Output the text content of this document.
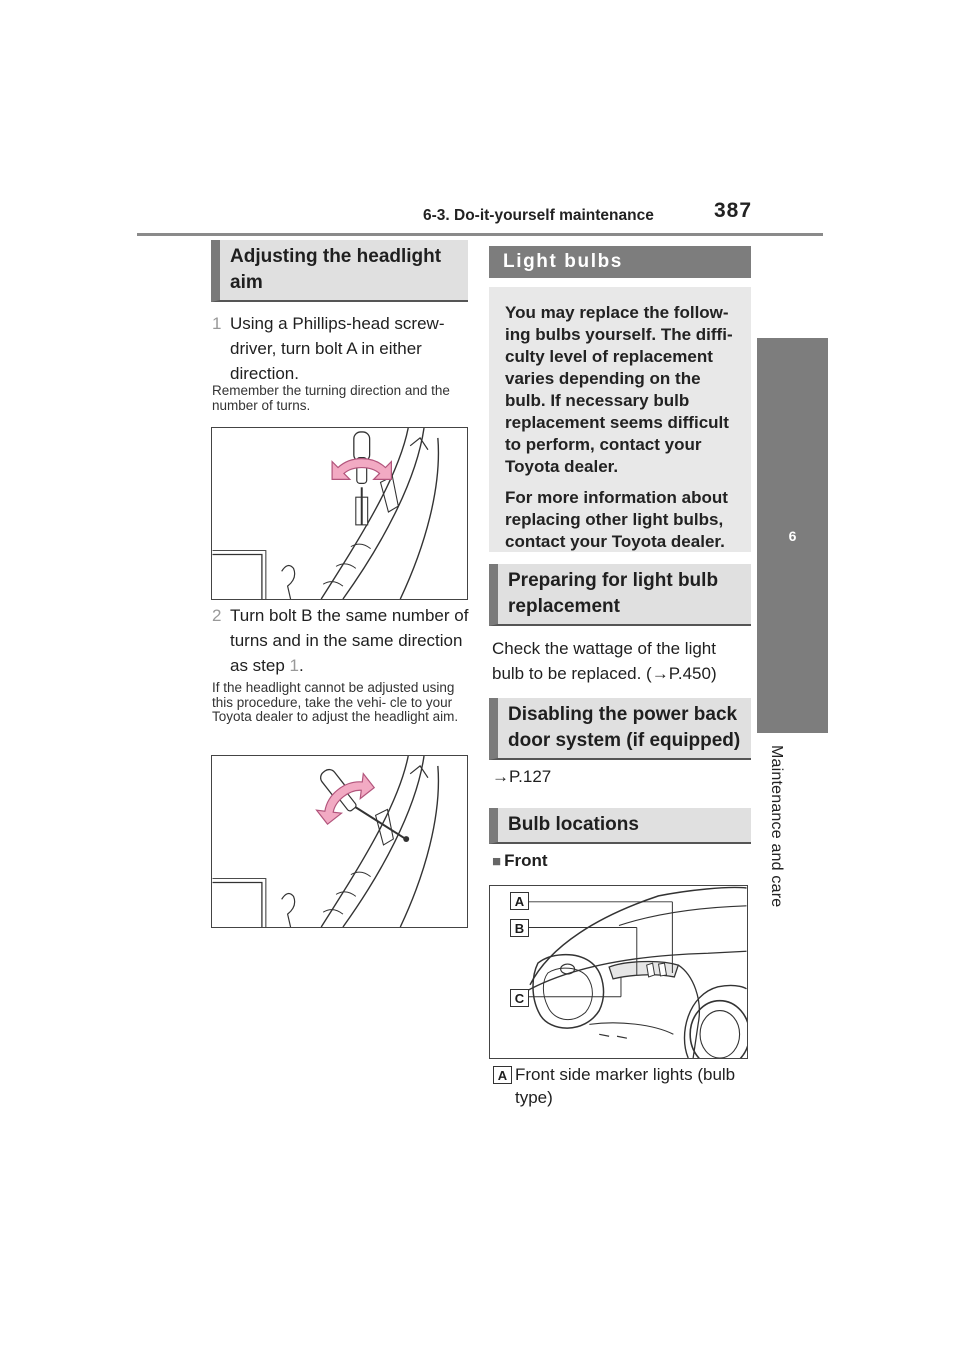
6-3. Do-it-yourself maintenance	387
6
Maintenance and care
Adjusting the headlight aim
1 Using a Phillips-head screw- driver, turn bolt A in either direction.
Remember the turning direction and the number of turns.
2 Turn bolt B the same number of turns and in the same direction as step 1.
If the headlight cannot be adjusted using this procedure, take the vehi- cle to your Toyota dealer to adjust the headlight aim.
Light bulbs

You may replace the follow- ing bulbs yourself. The diffi- culty level of replacement varies depending on the bulb. If necessary bulb replacement seems difficult to perform, contact your Toyota dealer.

For more information about replacing other light bulbs, contact your Toyota dealer.

Preparing for light bulb replacement
Check the wattage of the light bulb to be replaced. (→P.450)
Disabling the power back door system (if equipped)
→P.127
Bulb locations
■ Front
A
B
C
A Front side marker lights (bulb type)
